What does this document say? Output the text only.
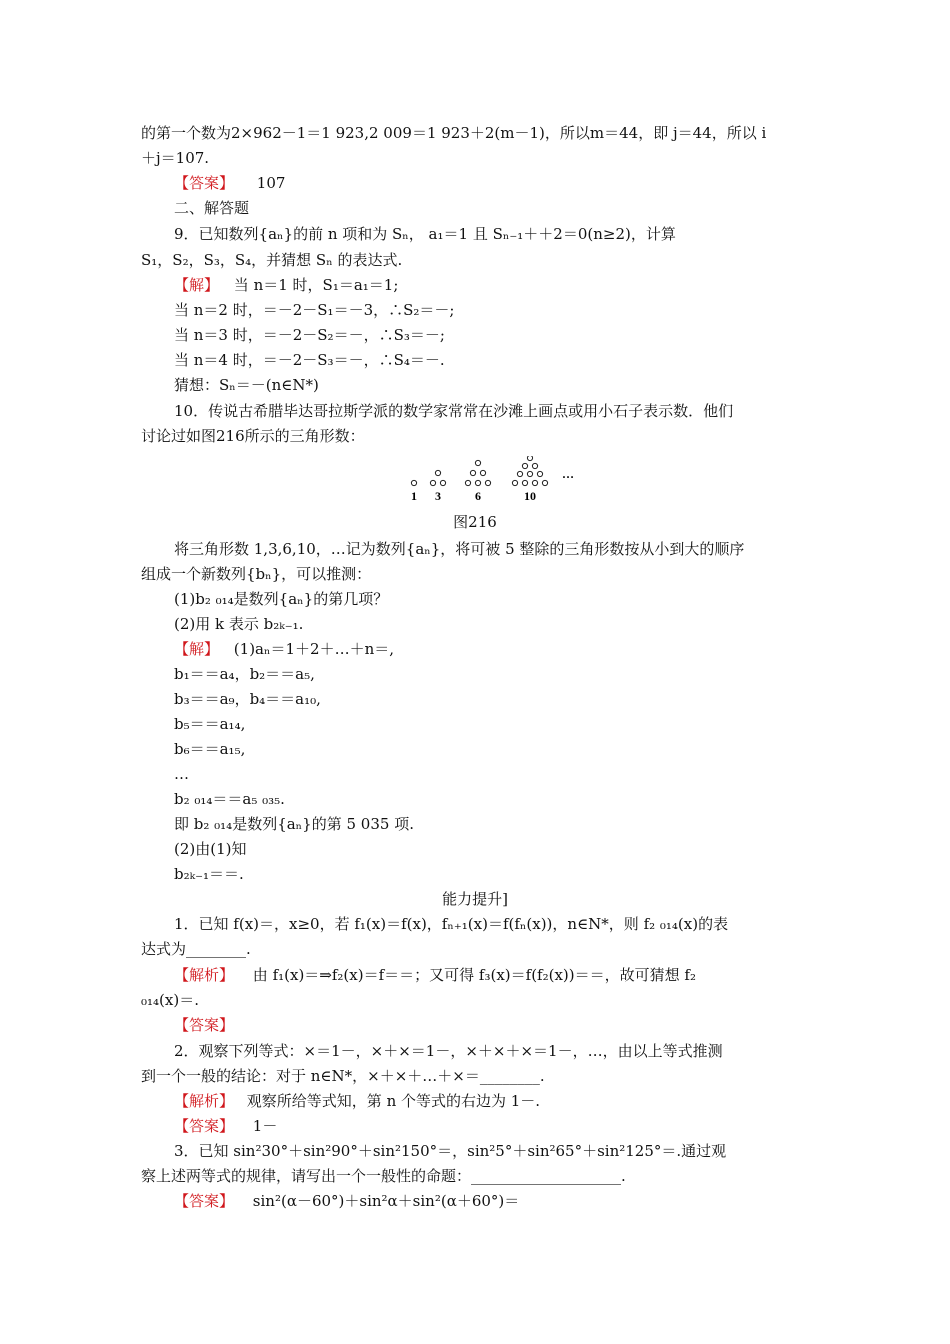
的第一个数为2×962－1＝1 923,2 009＝1 923＋2(m－1)，所以m＝44，即 j＝44，所以 i
＋j＝107.
【答案】 107
二、解答题
9．已知数列{aₙ}的前 n 项和为 Sₙ， a₁＝1 且 Sₙ₋₁＋＋2＝0(n≥2)，计算
S₁，S₂，S₃，S₄，并猜想 Sₙ 的表达式.
【解】 当 n＝1 时，S₁＝a₁＝1;
当 n＝2 时，＝－2－S₁＝－3，∴S₂＝－;
当 n＝3 时，＝－2－S₂＝－，∴S₃＝－;
当 n＝4 时，＝－2－S₃＝－，∴S₄＝－.
猜想：Sₙ＝－(n∈N*)
10．传说古希腊毕达哥拉斯学派的数学家常常在沙滩上画点或用小石子表示数．他们
讨论过如图216所示的三角形数：
1 3	6	10
…
图216
将三角形数 1,3,6,10，…记为数列{aₙ}，将可被 5 整除的三角形数按从小到大的顺序
组成一个新数列{bₙ}，可以推测：
(1)b₂ ₀₁₄是数列{aₙ}的第几项？
(2)用 k 表示 b₂ₖ₋₁.
【解】 (1)aₙ＝1＋2＋…＋n＝,
b₁＝＝a₄，b₂＝＝a₅,
b₃＝＝a₉，b₄＝＝a₁₀,
b₅＝＝a₁₄,
b₆＝＝a₁₅,
…
b₂ ₀₁₄＝＝a₅ ₀₃₅.
即 b₂ ₀₁₄是数列{aₙ}的第 5 035 项.
(2)由(1)知
b₂ₖ₋₁＝＝.
能力提升]
1．已知 f(x)＝，x≥0，若 f₁(x)＝f(x)，fₙ₊₁(x)＝f(fₙ(x))，n∈N*，则 f₂ ₀₁₄(x)的表
达式为________.
【解析】 由 f₁(x)＝⇒f₂(x)＝f＝＝；又可得 f₃(x)＝f(f₂(x))＝＝，故可猜想 f₂
₀₁₄(x)＝.
【答案】
2．观察下列等式：×＝1－，×＋×＝1－，×＋×＋×＝1－，…，由以上等式推测
到一个一般的结论：对于 n∈N*，×＋×＋…＋×＝________.
【解析】 观察所给等式知，第 n 个等式的右边为 1－.
【答案】 1－
3．已知 sin²30°＋sin²90°＋sin²150°＝，sin²5°＋sin²65°＋sin²125°＝.通过观
察上述两等式的规律，请写出一个一般性的命题：____________________.
【答案】 sin²(α－60°)＋sin²α＋sin²(α＋60°)＝
